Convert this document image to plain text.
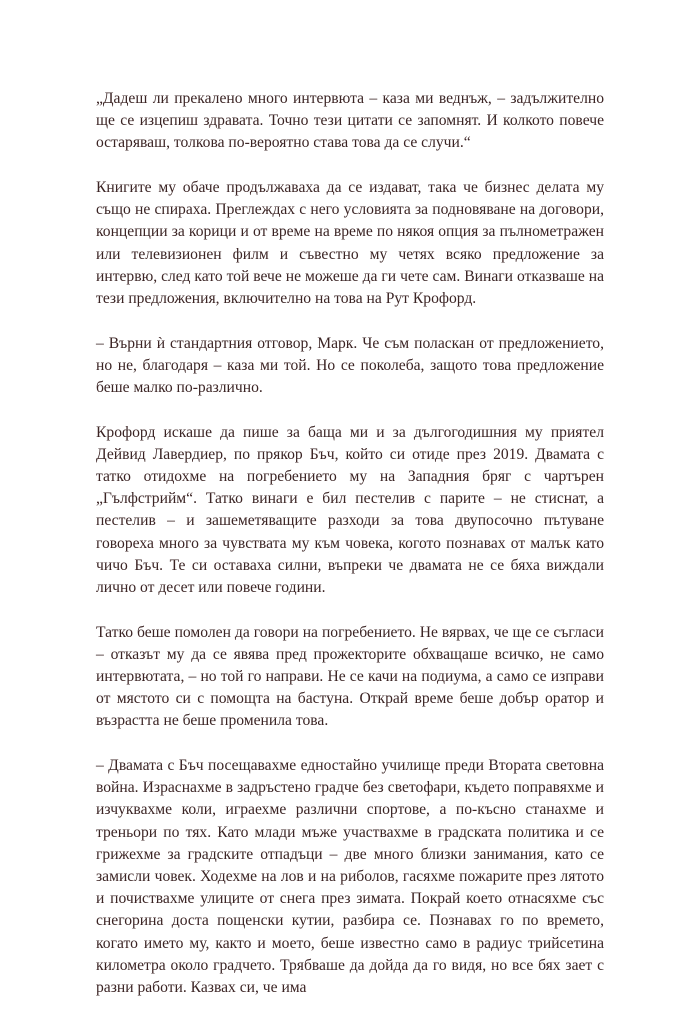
„Дадеш ли прекалено много интервюта – каза ми веднъж, – задължително ще се изцепиш здравата. Точно тези цитати се запомнят. И колкото повече остаряваш, толкова по-вероятно става това да се случи.“

Книгите му обаче продължаваха да се издават, така че бизнес делата му също не спираха. Преглеждах с него условията за подновяване на договори, концепции за корици и от време на време по някоя опция за пълнометражен или телевизионен филм и съвестно му четях всяко предложение за интервю, след като той вече не можеше да ги чете сам. Винаги отказваше на тези предложения, включително на това на Рут Крофорд.

– Върни ѝ стандартния отговор, Марк. Че съм поласкан от предложението, но не, благодаря – каза ми той. Но се поколеба, защото това предложение беше малко по-различно.

Крофорд искаше да пише за баща ми и за дългогодишния му приятел Дейвид Лавердиер, по прякор Бъч, който си отиде през 2019. Двамата с татко отидохме на погребението му на Западния бряг с чартърен „Гълфстрийм“. Татко винаги е бил пестелив с парите – не стиснат, а пестелив – и зашеметяващите разходи за това двупосочно пътуване говореха много за чувствата му към човека, когото познавах от малък като чичо Бъч. Те си оставаха силни, въпреки че двамата не се бяха виждали лично от десет или повече години.

Татко беше помолен да говори на погребението. Не вярвах, че ще се съгласи – отказът му да се явява пред прожекторите обхващаше всичко, не само интервютата, – но той го направи. Не се качи на подиума, а само се изправи от мястото си с помощта на бастуна. Открай време беше добър оратор и възрастта не беше променила това.

– Двамата с Бъч посещавахме едностайно училище преди Втората световна война. Израснахме в задръстено градче без светофари, където поправяхме и изчуквахме коли, играехме различни спортове, а по-късно станахме и треньори по тях. Като млади мъже участвахме в градската политика и се грижехме за градските отпадъци – две много близки занимания, като се замисли човек. Ходехме на лов и на риболов, гасяхме пожарите през лятото и почиствахме улиците от снега през зимата. Покрай което отнасяхме със снегорина доста пощенски кутии, разбира се. Познавах го по времето, когато името му, както и моето, беше известно само в радиус трийсетина километра около градчето. Трябваше да дойда да го видя, но все бях зает с разни работи. Казвах си, че има
